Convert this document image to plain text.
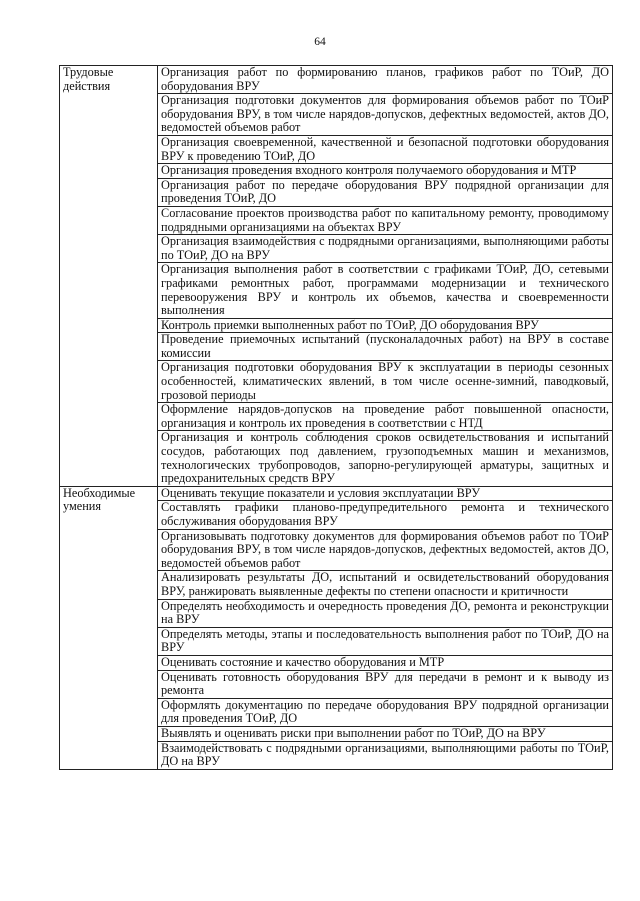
64
Трудовые действия	Организация работ по формированию планов, графиков работ по ТОиР, ДО оборудования ВРУ
	Организация подготовки документов для формирования объемов работ по ТОиР оборудования ВРУ, в том числе нарядов-допусков, дефектных ведомостей, актов ДО, ведомостей объемов работ
	Организация своевременной, качественной и безопасной подготовки оборудования ВРУ к проведению ТОиР, ДО
	Организация проведения входного контроля получаемого оборудования и МТР
	Организация работ по передаче оборудования ВРУ подрядной организации для проведения ТОиР, ДО
	Согласование проектов производства работ по капитальному ремонту, проводимому подрядными организациями на объектах ВРУ
	Организация взаимодействия с подрядными организациями, выполняющими работы по ТОиР, ДО на ВРУ
	Организация выполнения работ в соответствии с графиками ТОиР, ДО, сетевыми графиками ремонтных работ, программами модернизации и технического перевооружения ВРУ и контроль их объемов, качества и своевременности выполнения
	Контроль приемки выполненных работ по ТОиР, ДО оборудования ВРУ
	Проведение приемочных испытаний (пусконаладочных работ) на ВРУ в составе комиссии
	Организация подготовки оборудования ВРУ к эксплуатации в периоды сезонных особенностей, климатических явлений, в том числе осенне-зимний, паводковый, грозовой периоды
	Оформление нарядов-допусков на проведение работ повышенной опасности, организация и контроль их проведения в соответствии с НТД
	Организация и контроль соблюдения сроков освидетельствования и испытаний сосудов, работающих под давлением, грузоподъемных машин и механизмов, технологических трубопроводов, запорно-регулирующей арматуры, защитных и предохранительных средств ВРУ
Необходимые умения	Оценивать текущие показатели и условия эксплуатации ВРУ
	Составлять графики планово-предупредительного ремонта и технического обслуживания оборудования ВРУ
	Организовывать подготовку документов для формирования объемов работ по ТОиР оборудования ВРУ, в том числе нарядов-допусков, дефектных ведомостей, актов ДО, ведомостей объемов работ
	Анализировать результаты ДО, испытаний и освидетельствований оборудования ВРУ, ранжировать выявленные дефекты по степени опасности и критичности
	Определять необходимость и очередность проведения ДО, ремонта и реконструкции на ВРУ
	Определять методы, этапы и последовательность выполнения работ по ТОиР, ДО на ВРУ
	Оценивать состояние и качество оборудования и МТР
	Оценивать готовность оборудования ВРУ для передачи в ремонт и к выводу из ремонта
	Оформлять документацию по передаче оборудования ВРУ подрядной организации для проведения ТОиР, ДО
	Выявлять и оценивать риски при выполнении работ по ТОиР, ДО на ВРУ
	Взаимодействовать с подрядными организациями, выполняющими работы по ТОиР, ДО на ВРУ
